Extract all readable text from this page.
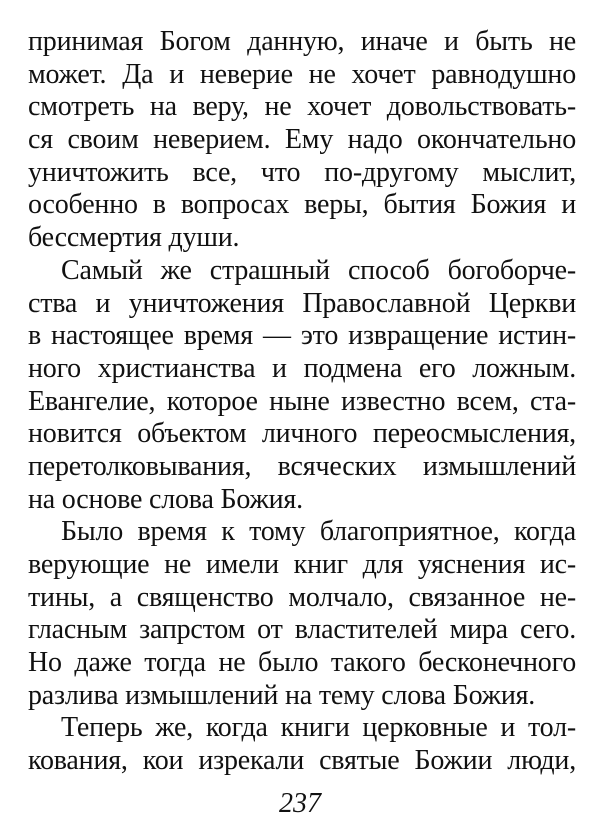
принимая Богом данную, иначе и быть не
может. Да и неверие не хочет равнодушно
смотреть на веру, не хочет довольствовать-
ся своим неверием. Ему надо окончательно
уничтожить все, что по-другому мыслит,
особенно в вопросах веры, бытия Божия и
бессмертия души.
Самый же страшный способ богоборче-
ства и уничтожения Православной Церкви
в настоящее время — это извращение истин-
ного христианства и подмена его ложным.
Евангелие, которое ныне известно всем, ста-
новится объектом личного переосмысления,
перетолковывания, всяческих измышлений
на основе слова Божия.
Было время к тому благоприятное, когда
верующие не имели книг для уяснения ис-
тины, а священство молчало, связанное не-
гласным запрстом от властителей мира сего.
Но даже тогда не было такого бесконечного
разлива измышлений на тему слова Божия.
Теперь же, когда книги церковные и тол-
кования, кои изрекали святые Божии люди,
237
